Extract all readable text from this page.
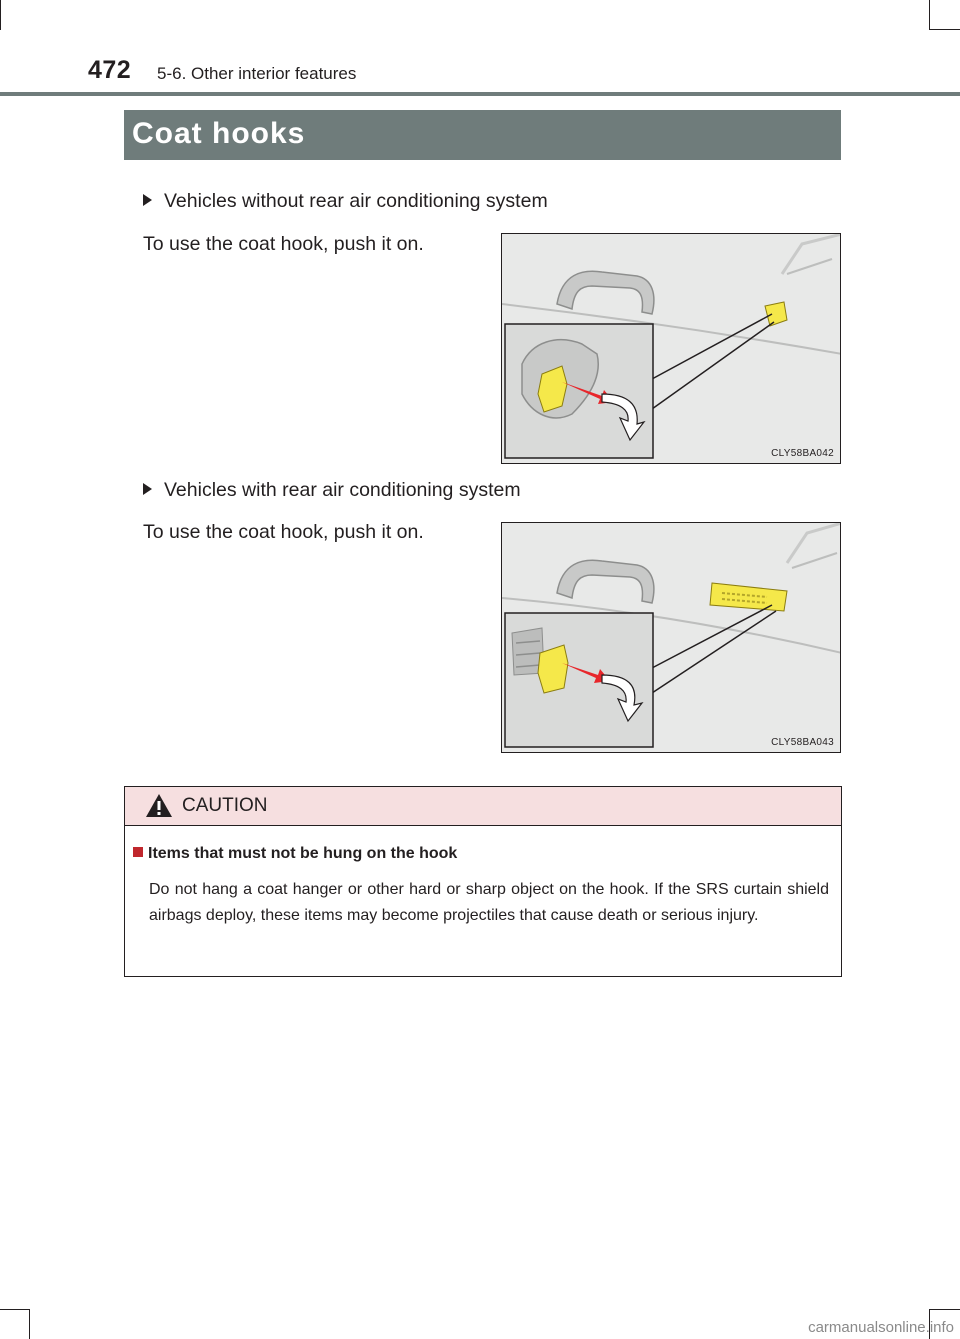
472 5-6. Other interior features
Coat hooks
Vehicles without rear air conditioning system
To use the coat hook, push it on.
CLY58BA042
Vehicles with rear air conditioning system
To use the coat hook, push it on.
CLY58BA043
CAUTION
Items that must not be hung on the hook
Do not hang a coat hanger or other hard or sharp object on the hook. If the SRS curtain shield airbags deploy, these items may become projectiles that cause death or serious injury.
carmanualsonline.info
